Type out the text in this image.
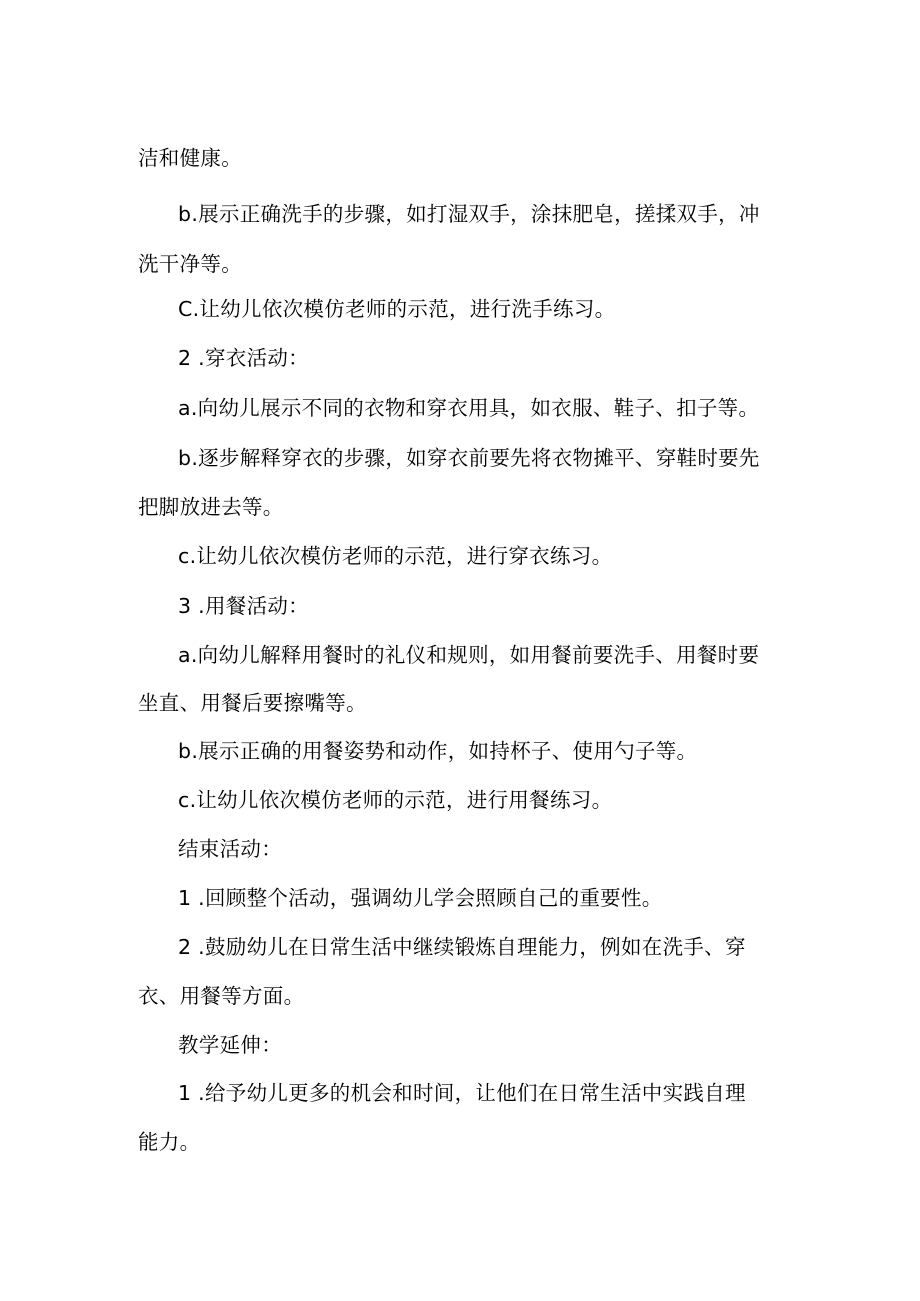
洁和健康。
b.展示正确洗手的步骤，如打湿双手，涂抹肥皂，搓揉双手，冲
洗干净等。
C.让幼儿依次模仿老师的示范，进行洗手练习。
2 .穿衣活动：
a.向幼儿展示不同的衣物和穿衣用具，如衣服、鞋子、扣子等。
b.逐步解释穿衣的步骤，如穿衣前要先将衣物摊平、穿鞋时要先
把脚放进去等。
c.让幼儿依次模仿老师的示范，进行穿衣练习。
3 .用餐活动：
a.向幼儿解释用餐时的礼仪和规则，如用餐前要洗手、用餐时要
坐直、用餐后要擦嘴等。
b.展示正确的用餐姿势和动作，如持杯子、使用勺子等。
c.让幼儿依次模仿老师的示范，进行用餐练习。
结束活动：
1 .回顾整个活动，强调幼儿学会照顾自己的重要性。
2 .鼓励幼儿在日常生活中继续锻炼自理能力，例如在洗手、穿
衣、用餐等方面。
教学延伸：
1 .给予幼儿更多的机会和时间，让他们在日常生活中实践自理
能力。
